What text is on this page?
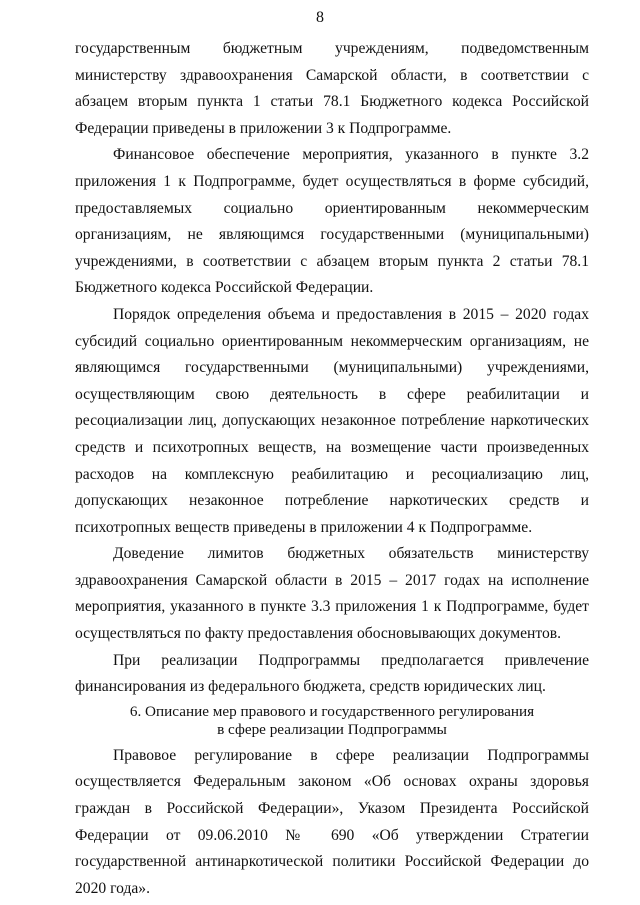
8

государственным бюджетным учреждениям, подведомственным министерству здравоохранения Самарской области, в соответствии с абзацем вторым пункта 1 статьи 78.1 Бюджетного кодекса Российской Федерации приведены в приложении 3 к Подпрограмме.

Финансовое обеспечение мероприятия, указанного в пункте 3.2 приложения 1 к Подпрограмме, будет осуществляться в форме субсидий, предоставляемых социально ориентированным некоммерческим организациям, не являющимся государственными (муниципальными) учреждениями, в соответствии с абзацем вторым пункта 2 статьи 78.1 Бюджетного кодекса Российской Федерации.

Порядок определения объема и предоставления в 2015 – 2020 годах субсидий социально ориентированным некоммерческим организациям, не являющимся государственными (муниципальными) учреждениями, осуществляющим свою деятельность в сфере реабилитации и ресоциализации лиц, допускающих незаконное потребление наркотических средств и психотропных веществ, на возмещение части произведенных расходов на комплексную реабилитацию и ресоциализацию лиц, допускающих незаконное потребление наркотических средств и психотропных веществ приведены в приложении 4 к Подпрограмме.

Доведение лимитов бюджетных обязательств министерству здравоохранения Самарской области в 2015 – 2017 годах на исполнение мероприятия, указанного в пункте 3.3 приложения 1 к Подпрограмме, будет осуществляться по факту предоставления обосновывающих документов.

При реализации Подпрограммы предполагается привлечение финансирования из федерального бюджета, средств юридических лиц.

6. Описание мер правового и государственного регулирования
в сфере реализации Подпрограммы

Правовое регулирование в сфере реализации Подпрограммы осуществляется Федеральным законом «Об основах охраны здоровья граждан в Российской Федерации», Указом Президента Российской Федерации от 09.06.2010 № 690 «Об утверждении Стратегии государственной антинаркотической политики Российской Федерации до 2020 года».
